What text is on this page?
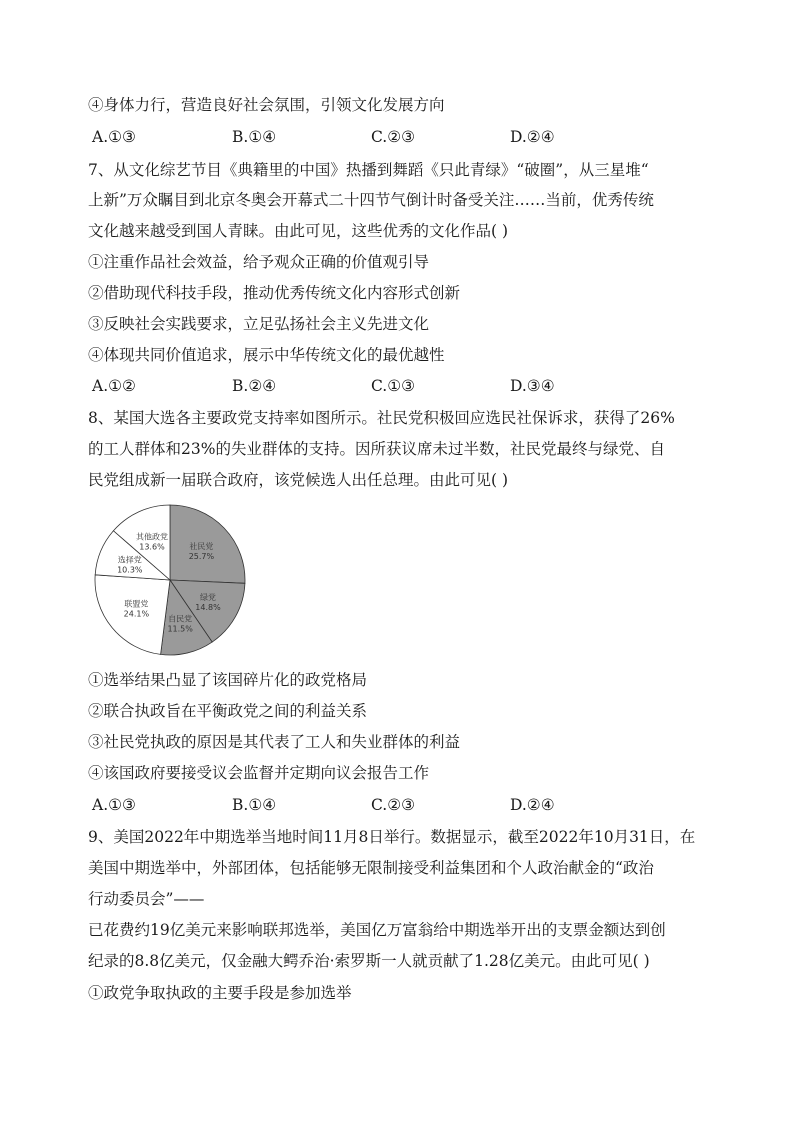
④身体力行，营造良好社会氛围，引领文化发展方向
A.①③	B.①④	C.②③	D.②④
7、从文化综艺节目《典籍里的中国》热播到舞蹈《只此青绿》“破圈”，从三星堆“
上新”万众瞩目到北京冬奥会开幕式二十四节气倒计时备受关注……当前，优秀传统
文化越来越受到国人青睐。由此可见，这些优秀的文化作品( )
①注重作品社会效益，给予观众正确的价值观引导
②借助现代科技手段，推动优秀传统文化内容形式创新
③反映社会实践要求，立足弘扬社会主义先进文化
④体现共同价值追求，展示中华传统文化的最优越性
A.①②	B.②④	C.①③	D.③④
8、某国大选各主要政党支持率如图所示。社民党积极回应选民社保诉求，获得了26%
的工人群体和23%的失业群体的支持。因所获议席未过半数，社民党最终与绿党、自
民党组成新一届联合政府，该党候选人出任总理。由此可见( )
社民党
25.7%
绿党
14.8%
自民党
11.5%
联盟党
24.1%
选择党
10.3%
其他政党
13.6%
①选举结果凸显了该国碎片化的政党格局
②联合执政旨在平衡政党之间的利益关系
③社民党执政的原因是其代表了工人和失业群体的利益
④该国政府要接受议会监督并定期向议会报告工作
A.①③	B.①④	C.②③	D.②④
9、美国2022年中期选举当地时间11月8日举行。数据显示，截至2022年10月31日，在
美国中期选举中，外部团体，包括能够无限制接受利益集团和个人政治献金的“政治
行动委员会”——
已花费约19亿美元来影响联邦选举，美国亿万富翁给中期选举开出的支票金额达到创
纪录的8.8亿美元，仅金融大鳄乔治·索罗斯一人就贡献了1.28亿美元。由此可见( )
①政党争取执政的主要手段是参加选举
